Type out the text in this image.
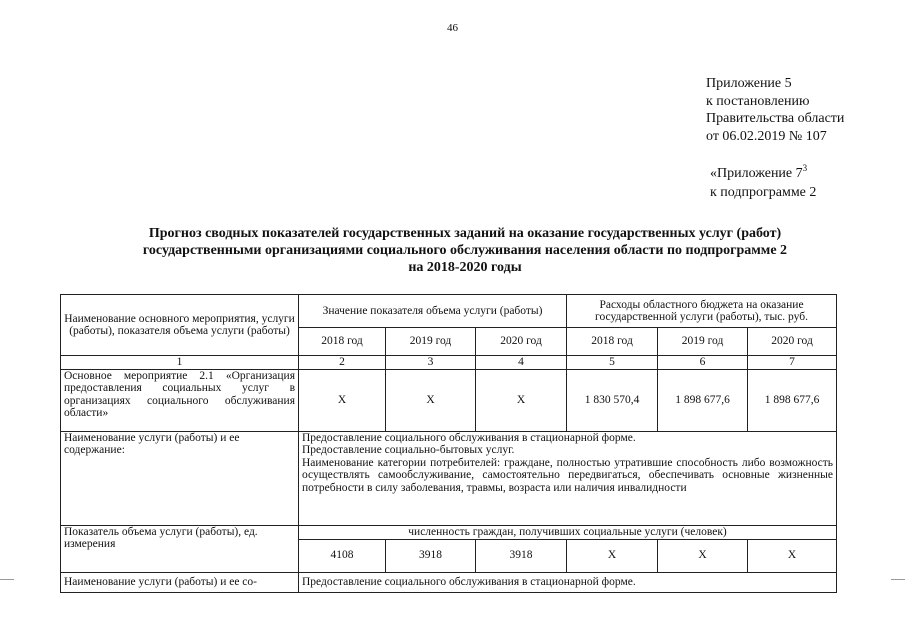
46
Приложение 5
к постановлению
Правительства области
от 06.02.2019 № 107
«Приложение $7^3$
к подпрограмме 2
Прогноз сводных показателей государственных заданий на оказание государственных услуг (работ)
государственными организациями социального обслуживания населения области по подпрограмме 2
на 2018-2020 годы
Наименование основного мероприятия, услуги (работы), показателя объема услуги (работы)	Значение показателя объема услуги (работы)			Расходы областного бюджета на оказание государственной услуги (работы), тыс. руб.		
	2018 год	2019 год	2020 год	2018 год	2019 год	2020 год
1	2	3	4	5	6	7
Основное мероприятие 2.1 «Организация предоставления социальных услуг в организациях социального обслуживания области»	Х	Х	Х	1 830 570,4	1 898 677,6	1 898 677,6
Наименование услуги (работы) и ее содержание:	Предоставление социального обслуживания в стационарной форме.
Предоставление социально-бытовых услуг.
Наименование категории потребителей: граждане, полностью утратившие способность либо возможность осуществлять самообслуживание, самостоятельно передвигаться, обеспечивать основные жизненные потребности в силу заболевания, травмы, возраста или наличия инвалидности					

Показатель объема услуги (работы), ед. измерения	численность граждан, получивших социальные услуги (человек)					
	4108	3918	3918	Х	Х	Х
Наименование услуги (работы) и ее со-	Предоставление социального обслуживания в стационарной форме.					
